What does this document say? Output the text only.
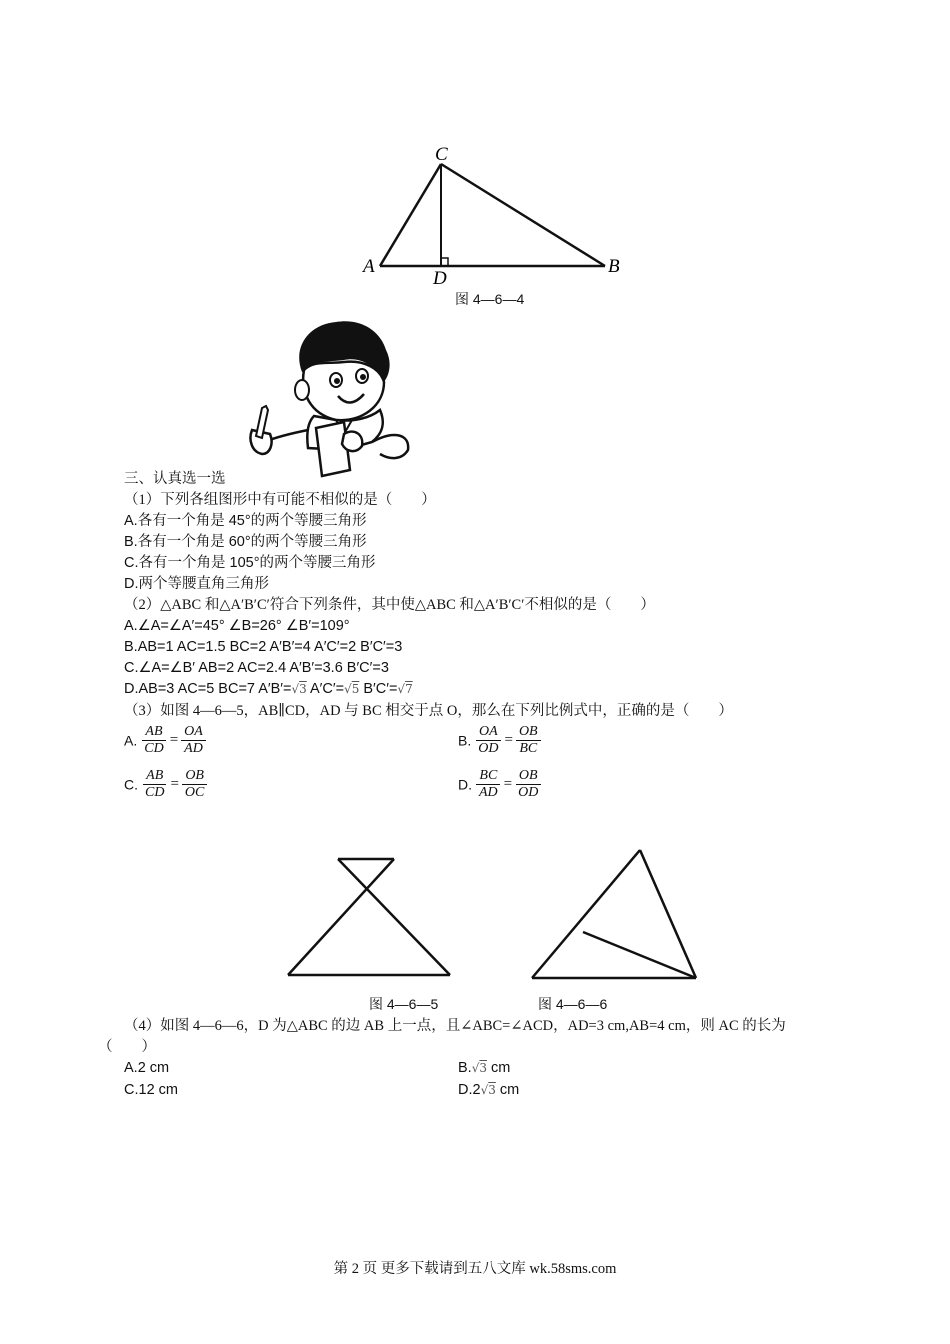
C
A
D
B
图 4—6—4
三、认真选一选
（1）下列各组图形中有可能不相似的是（　　）
A.各有一个角是 45°的两个等腰三角形
B.各有一个角是 60°的两个等腰三角形
C.各有一个角是 105°的两个等腰三角形
D.两个等腰直角三角形
（2）△ABC 和△A′B′C′符合下列条件，其中使△ABC 和△A′B′C′不相似的是（　　）
A.∠A=∠A′=45° ∠B=26° ∠B′=109°
B.AB=1 AC=1.5 BC=2 A′B′=4 A′C′=2 B′C′=3
C.∠A=∠B′ AB=2 AC=2.4 A′B′=3.6 B′C′=3
D.AB=3 AC=5 BC=7 A′B′=√3 A′C′=√5 B′C′=√7
（3）如图 4—6—5，AB∥CD，AD 与 BC 相交于点 O，那么在下列比例式中，正确的是（　　）
A. $\frac{AB}{CD} = \frac{OA}{AD}$	B. $\frac{OA}{OD} = \frac{OB}{BC}$
C. $\frac{AB}{CD} = \frac{OB}{OC}$	D. $\frac{BC}{AD} = \frac{OB}{OD}$
图 4—6—5	图 4—6—6
（4）如图 4—6—6，D 为△ABC 的边 AB 上一点，且∠ABC=∠ACD，AD=3 cm,AB=4 cm，则 AC 的长为
（　　）
A.2 cm	B.√3 cm
C.12 cm	D.2√3 cm
第 2 页 更多下载请到五八文库 wk.58sms.com
